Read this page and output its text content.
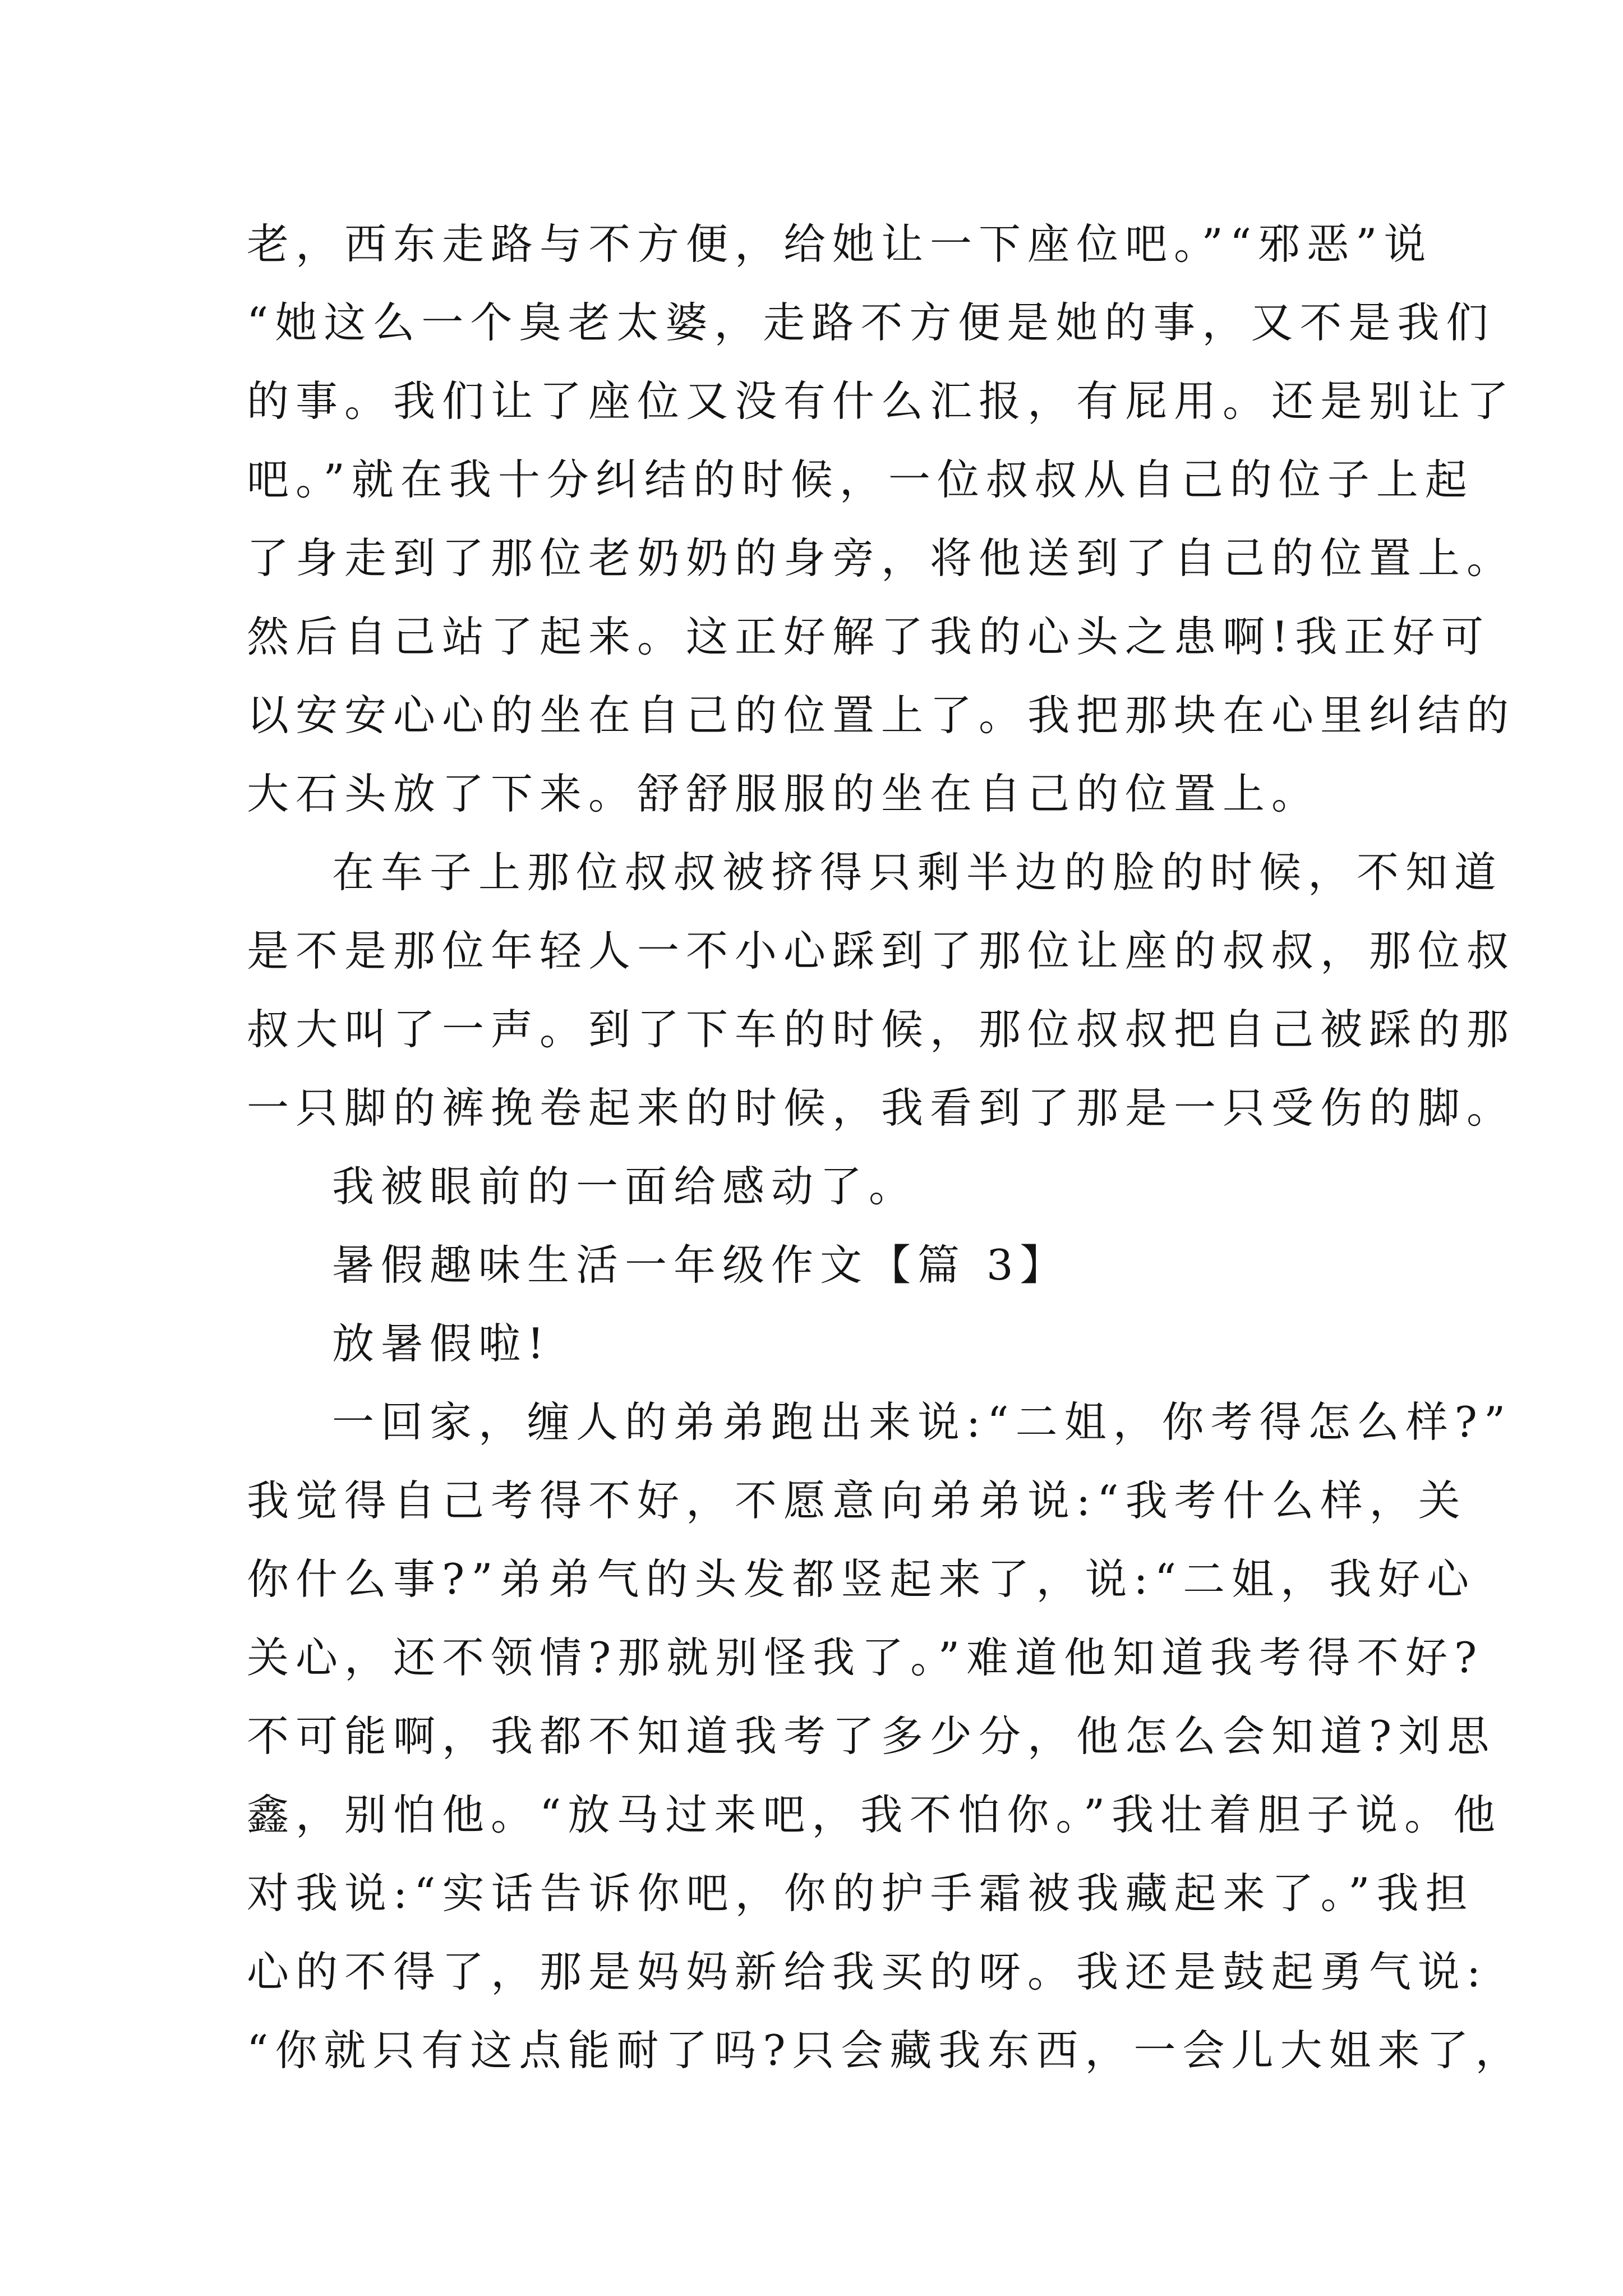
老，西东走路与不方便，给她让一下座位吧。”“邪恶”说
“她这么一个臭老太婆，走路不方便是她的事，又不是我们
的事。我们让了座位又没有什么汇报，有屁用。还是别让了
吧。”就在我十分纠结的时候，一位叔叔从自己的位子上起
了身走到了那位老奶奶的身旁，将他送到了自己的位置上。
然后自己站了起来。这正好解了我的心头之患啊!我正好可
以安安心心的坐在自己的位置上了。我把那块在心里纠结的
大石头放了下来。舒舒服服的坐在自己的位置上。
在车子上那位叔叔被挤得只剩半边的脸的时候，不知道
是不是那位年轻人一不小心踩到了那位让座的叔叔，那位叔
叔大叫了一声。到了下车的时候，那位叔叔把自己被踩的那
一只脚的裤挽卷起来的时候，我看到了那是一只受伤的脚。
我被眼前的一面给感动了。
暑假趣味生活一年级作文【篇 3】
放暑假啦!
一回家，缠人的弟弟跑出来说:“二姐，你考得怎么样?”
我觉得自己考得不好，不愿意向弟弟说:“我考什么样，关
你什么事?”弟弟气的头发都竖起来了，说:“二姐，我好心
关心，还不领情?那就别怪我了。”难道他知道我考得不好?
不可能啊，我都不知道我考了多少分，他怎么会知道?刘思
鑫，别怕他。“放马过来吧，我不怕你。”我壮着胆子说。他
对我说:“实话告诉你吧，你的护手霜被我藏起来了。”我担
心的不得了，那是妈妈新给我买的呀。我还是鼓起勇气说:
“你就只有这点能耐了吗?只会藏我东西，一会儿大姐来了，
